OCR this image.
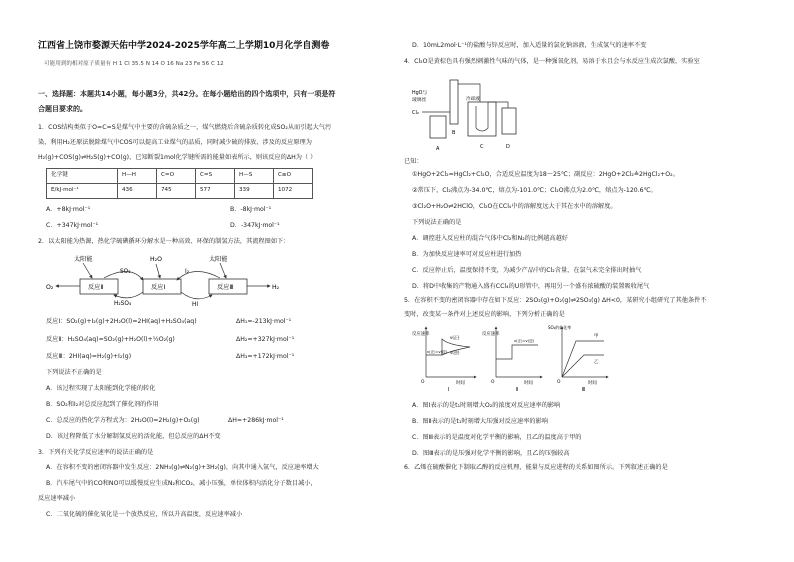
江西省上饶市婺源天佑中学2024-2025学年高二上学期10月化学自测卷
可能用到的相对原子质量有 H 1 Cl 35.5 N 14 O 16 Na 23 Fe 56 C 12
一、选择题：本题共14小题，每小题3分，共42分。在每小题给出的四个选项中，只有一项是符
合题目要求的。
1．COS结构类似于O=C=S是煤气中主要的含硫杂质之一，煤气燃烧后含硫杂质转化成SO₂从而引起大气污
染，利用H₂还原法脱除煤气中COS可以提高工业煤气的品质，同时减少硫的排放，涉及的反应原理为
H₂(g)+COS(g)⇌H₂S(g)+CO(g)，已知断裂1mol化学键所需的能量如表所示，则该反应的ΔH为（ ）
化学键	H—H	C=O	C=S	H—S	C≡O
E/kJ·mol⁻¹	436	745	577	339	1072
A．+8kJ·mol⁻¹	B．-8kJ·mol⁻¹
C．+347kJ·mol⁻¹	D．-347kJ·mol⁻¹
2．以太阳能为热源，热化学硫碘循环分解水是一种高效、环保的制氢方法，其流程图如下：
太阳能	H₂O	太阳能
SO₂	I₂
O₂	H₂
反应Ⅱ	反应Ⅰ	反应Ⅲ
H₂SO₄	HI
反应Ⅰ：SO₂(g)+I₂(g)+2H₂O(l)=2HI(aq)+H₂SO₄(aq)	ΔH₁=-213kJ·mol⁻¹
反应Ⅱ：H₂SO₄(aq)=SO₂(g)+H₂O(l)+½O₂(g)	ΔH₂=+327kJ·mol⁻¹
反应Ⅲ：2HI(aq)=H₂(g)+I₂(g)	ΔH₃=+172kJ·mol⁻¹
下列说法不正确的是
A．该过程实现了太阳能到化学能的转化
B．SO₂和I₂对总反应起到了催化剂的作用
C．总反应的热化学方程式为：2H₂O(l)=2H₂(g)+O₂(g)	ΔH=+286kJ·mol⁻¹
D．该过程降低了水分解制氢反应的活化能，但总反应的ΔH不变
3．下列有关化学反应速率的说法正确的是
A．在容积不变的密闭容器中发生反应：2NH₃(g)⇌N₂(g)+3H₂(g)，向其中通入氩气，反应速率增大
B．汽车尾气中的CO和NO可以缓慢反应生成N₂和CO₂，减小压强，单位体积内活化分子数目减小，
反应速率减小
C．二氧化硫的催化氧化是一个放热反应，所以升高温度，反应速率减小
D．10mL2mol·L⁻¹的盐酸与锌反应时，加入适量的氯化钠溶液，生成氢气的速率不变
4．Cl₂O是黄棕色具有强烈刺激性气味的气体，是一种强氧化剂，易溶于水且会与水反应生成次氯酸，实验室
HgO与
玻璃丝
Cl₂
冷却液
A
B
C	D
已知：
①HgO+2Cl₂=HgCl₂+Cl₂O，合适反应温度为18～25℃；副反应：2HgO+2Cl₂≜2HgCl₂+O₂。
②常压下，Cl₂沸点为-34.0℃，熔点为-101.0℃；Cl₂O沸点为2.0℃，熔点为-120.6℃。
③Cl₂O+H₂O⇌2HClO，Cl₂O在CCl₄中的溶解度远大于其在水中的溶解度。
下列说法正确的是
A．调控进入反应柱的混合气体中Cl₂和N₂的比例越高越好
B．为加快反应速率可对反应柱进行加热
C．反应停止后，温度保持不变，为减少产品中的Cl₂含量，在氯气未完全排出时抽气
D．将D中收集的产物通入盛有CCl₄的U形管中，再用另一个盛有浓硫酸的装置吸收尾气
5．在容积不变的密闭容器中存在如下反应：2SO₂(g)+O₂(g)⇌2SO₃(g) ΔH<0，某研究小组研究了其他条件不
变时，改变某一条件对上述反应的影响，下列分析正确的是
反应速率
v(正)
v(逆)
v(正)=v(逆)
时间
O
Ⅰ
反应速率
v(正)=v(逆)
时间
O
Ⅱ
SO₂的转化率
甲
乙
时间
O
Ⅲ
A．图Ⅰ表示的是t₁时刻增大O₂的浓度对反应速率的影响
B．图Ⅱ表示的是t₁时刻增大压强对反应速率的影响
C．图Ⅲ表示的是温度对化学平衡的影响，且乙的温度高于甲的
D．图Ⅲ表示的是压强对化学平衡的影响，且乙的压强较高
6．乙烯在硫酸催化下制取乙醇的反应机理，能量与反应进程的关系如图所示。下列叙述正确的是
